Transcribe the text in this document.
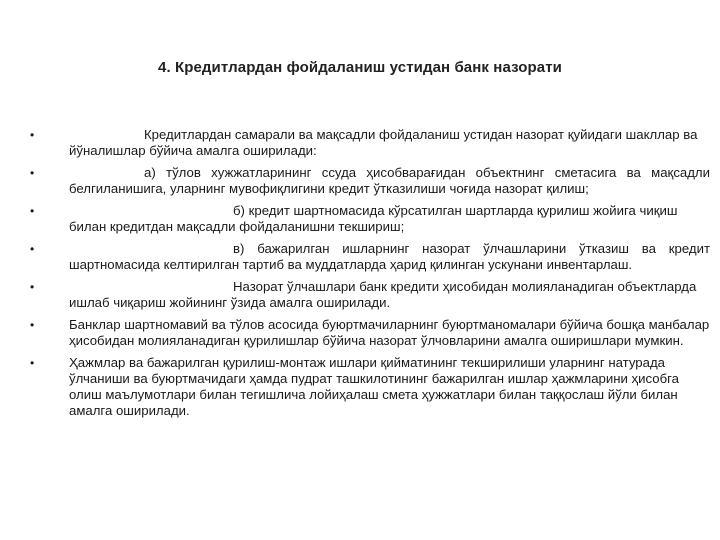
4. Кредитлардан фойдаланиш устидан банк назорати
•	Кредитлардан самарали ва мақсадли фойдаланиш устидан назорат қуйидаги шакллар ва йўналишлар бўйича амалга оширилади:
•	а) тўлов хужжатларининг ссуда ҳисобварағидан объектнинг сметасига ва мақсадли белгиланишига, уларнинг мувофиқлигини кредит ўтказилиши чоғида назорат қилиш;
•	б) кредит шартномасида кўрсатилган шартларда қурилиш жойига чиқиш билан кредитдан мақсадли фойдаланишни текшириш;
•	в) бажарилган ишларнинг назорат ўлчашларини ўтказиш ва кредит шартномасида келтирилган тартиб ва муддатларда ҳарид қилинган ускунани инвентарлаш.
•	Назорат ўлчашлари банк кредити ҳисобидан молияланадиган объектларда ишлаб чиқариш жойининг ўзида амалга оширилади.
•	Банклар шартномавий ва тўлов асосида буюртмачиларнинг буюртманомалари бўйича бошқа манбалар ҳисобидан молияланадиган қурилишлар бўйича назорат ўлчовларини амалга оширишлари мумкин.
•	Ҳажмлар ва бажарилган қурилиш-монтаж ишлари қийматининг текширилиши уларнинг натурада ўлчаниши ва буюртмачидаги ҳамда пудрат ташкилотининг бажарилган ишлар ҳажмларини ҳисобга олиш маълумотлари билан тегишлича лойиҳалаш смета ҳужжатлари билан таққослаш йўли билан амалга оширилади.
